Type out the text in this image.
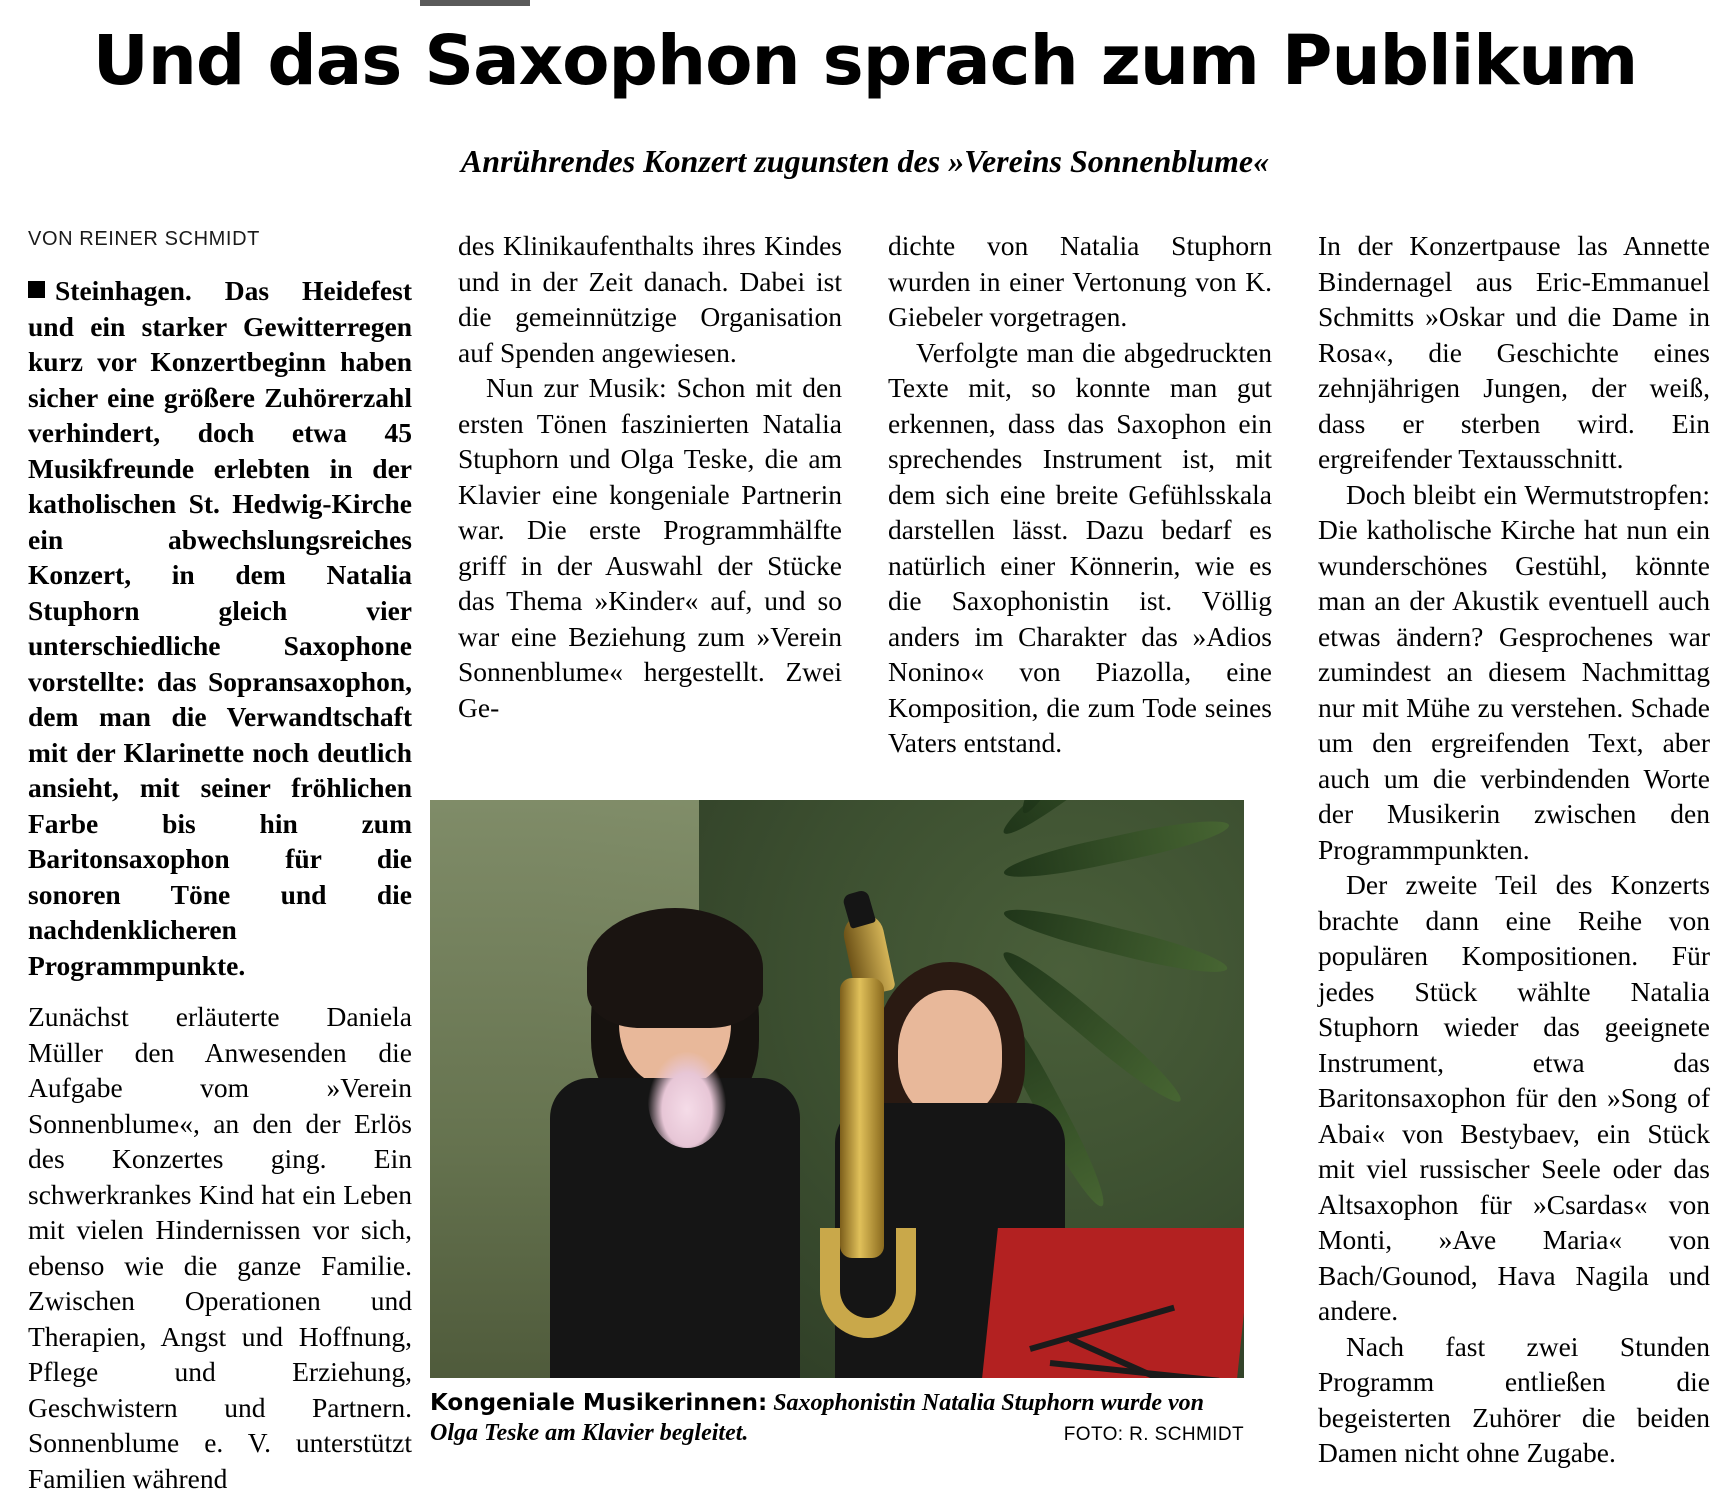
Und das Saxophon sprach zum Publikum
Anrührendes Konzert zugunsten des »Vereins Sonnenblume«
VON REINER SCHMIDT

Steinhagen. Das Heidefest und ein starker Gewitterregen kurz vor Konzertbeginn haben sicher eine größere Zuhörerzahl verhindert, doch etwa 45 Musikfreunde erlebten in der katholischen St. Hedwig-Kirche ein abwechslungsreiches Konzert, in dem Natalia Stuphorn gleich vier unterschiedliche Saxophone vorstellte: das Sopransaxophon, dem man die Verwandtschaft mit der Klarinette noch deutlich ansieht, mit seiner fröhlichen Farbe bis hin zum Baritonsaxophon für die sonoren Töne und die nachdenklicheren Programmpunkte.

Zunächst erläuterte Daniela Müller den Anwesenden die Aufgabe vom »Verein Sonnenblume«, an den der Erlös des Konzertes ging. Ein schwerkrankes Kind hat ein Leben mit vielen Hindernissen vor sich, ebenso wie die ganze Familie. Zwischen Operationen und Therapien, Angst und Hoffnung, Pflege und Erziehung, Geschwistern und Partnern. Sonnenblume e. V. unterstützt Familien während

des Klinikaufenthalts ihres Kindes und in der Zeit danach. Dabei ist die gemeinnützige Organisation auf Spenden angewiesen.

Nun zur Musik: Schon mit den ersten Tönen faszinierten Natalia Stuphorn und Olga Teske, die am Klavier eine kongeniale Partnerin war. Die erste Programmhälfte griff in der Auswahl der Stücke das Thema »Kinder« auf, und so war eine Beziehung zum »Verein Sonnenblume« hergestellt. Zwei Ge-

dichte von Natalia Stuphorn wurden in einer Vertonung von K. Giebeler vorgetragen.

Verfolgte man die abgedruckten Texte mit, so konnte man gut erkennen, dass das Saxophon ein sprechendes Instrument ist, mit dem sich eine breite Gefühlsskala darstellen lässt. Dazu bedarf es natürlich einer Könnerin, wie es die Saxophonistin ist. Völlig anders im Charakter das »Adios Nonino« von Piazolla, eine Komposition, die zum Tode seines Vaters entstand.

In der Konzertpause las Annette Bindernagel aus Eric-Emmanuel Schmitts »Oskar und die Dame in Rosa«, die Geschichte eines zehnjährigen Jungen, der weiß, dass er sterben wird. Ein ergreifender Textausschnitt.

Doch bleibt ein Wermutstropfen: Die katholische Kirche hat nun ein wunderschönes Gestühl, könnte man an der Akustik eventuell auch etwas ändern? Gesprochenes war zumindest an diesem Nachmittag nur mit Mühe zu verstehen. Schade um den ergreifenden Text, aber auch um die verbindenden Worte der Musikerin zwischen den Programmpunkten.

Der zweite Teil des Konzerts brachte dann eine Reihe von populären Kompositionen. Für jedes Stück wählte Natalia Stuphorn wieder das geeignete Instrument, etwa das Baritonsaxophon für den »Song of Abai« von Bestybaev, ein Stück mit viel russischer Seele oder das Altsaxophon für »Csardas« von Monti, »Ave Maria« von Bach/Gounod, Hava Nagila und andere.

Nach fast zwei Stunden Programm entließen die begeisterten Zuhörer die beiden Damen nicht ohne Zugabe.

Kongeniale Musikerinnen: Saxophonistin Natalia Stuphorn wurde von Olga Teske am Klavier begleitet.	FOTO: R. SCHMIDT
